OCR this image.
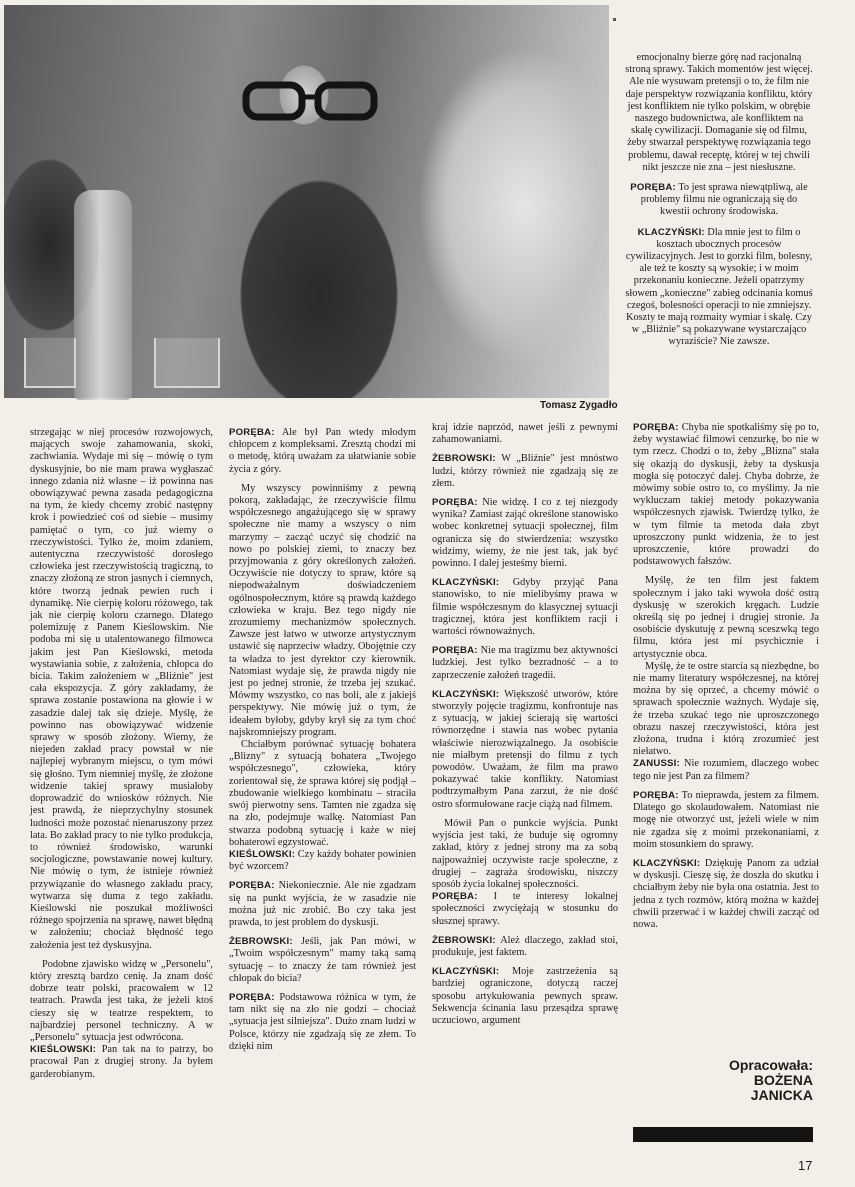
Tomasz Zygadło

emocjonalny bierze górę nad racjonalną stroną sprawy. Takich momentów jest więcej. Ale nie wysuwam pretensji o to, że film nie daje perspektyw rozwiązania konfliktu, który jest konfliktem nie tylko polskim, w obrębie naszego budownictwa, ale konfliktem na skalę cywilizacji. Domaganie się od filmu, żeby stwarzał perspektywę rozwiązania tego problemu, dawał receptę, której w tej chwili nikt jeszcze nie zna – jest niesłuszne.

PORĘBA: To jest sprawa niewątpliwą, ale problemy filmu nie ograniczają się do kwestii ochrony środowiska.

KLACZYŃSKI: Dla mnie jest to film o kosztach ubocznych procesów cywilizacyjnych. Jest to gorzki film, bolesny, ale też te koszty są wysokie; i w moim przekonaniu konieczne. Jeżeli opatrzymy słowem „konieczne" zabieg odcinania komuś czegoś, bolesności operacji to nie zmniejszy. Koszty te mają rozmaity wymiar i skalę. Czy w „Bliźnie" są pokazywane wystarczająco wyraziście? Nie zawsze.

strzegając w niej procesów rozwojowych, mających swoje zahamowania, skoki, zachwiania. Wydaje mi się – mówię o tym dyskusyjnie, bo nie mam prawa wygłaszać innego zdania niż własne – iż powinna nas obowiązywać pewna zasada pedagogiczna na tym, że kiedy chcemy zrobić następny krok i powiedzieć coś od siebie – musimy pamiętać o tym, co już wiemy o rzeczywistości. Tylko że, moim zdaniem, autentyczna rzeczywistość dorosłego człowieka jest rzeczywistością tragiczną, to znaczy złożoną ze stron jasnych i ciemnych, które tworzą jednak pewien ruch i dynamikę. Nie cierpię koloru różowego, tak jak nie cierpię koloru czarnego. Dlatego polemizuję z Panem Kieślowskim. Nie podoba mi się u utalentowanego filmowca jakim jest Pan Kieślowski, metoda wystawiania sobie, z założenia, chłopca do bicia. Takim założeniem w „Bliźnie" jest cała ekspozycja. Z góry zakładamy, że sprawa zostanie postawiona na głowie i w zasadzie dalej tak się dzieje. Myślę, że powinno nas obowiązywać widzenie sprawy w sposób złożony. Wiemy, że niejeden zakład pracy powstał w nie najlepiej wybranym miejscu, o tym mówi się głośno. Tym niemniej myślę, że złożone widzenie takiej sprawy musiałoby doprowadzić do wniosków różnych. Nie jest prawdą, że nieprzychylny stosunek ludności może pozostać nienaruszony przez lata. Bo zakład pracy to nie tylko produkcja, to również środowisko, warunki socjologiczne, powstawanie nowej kultury. Nie mówię o tym, że istnieje również przywiązanie do własnego zakładu pracy, wytwarza się duma z tego zakładu. Kieślowski nie poszukał możliwości różnego spojrzenia na sprawę, nawet błędną w założeniu; chociaż błędność tego założenia jest też dyskusyjna.

Podobne zjawisko widzę w „Personelu", który zresztą bardzo cenię. Ja znam dość dobrze teatr polski, pracowałem w 12 teatrach. Prawda jest taka, że jeżeli ktoś cieszy się w teatrze respektem, to najbardziej personel techniczny. A w „Personelu" sytuacja jest odwrócona.

KIEŚLOWSKI: Pan tak na to patrzy, bo pracował Pan z drugiej strony. Ja byłem garderobianym.

PORĘBA: Ale był Pan wtedy młodym chłopcem z kompleksami. Zresztą chodzi mi o metodę, którą uważam za ułatwianie sobie życia z góry.

My wszyscy powinniśmy z pewną pokorą, zakładając, że rzeczywiście filmu współczesnego angażującego się w sprawy społeczne nie mamy a wszyscy o nim marzymy – zacząć uczyć się chodzić na nowo po polskiej ziemi, to znaczy bez przyjmowania z góry określonych założeń. Oczywiście nie dotyczy to spraw, które są niepodważalnym doświadczeniem ogólnospołecznym, które są prawdą każdego człowieka w kraju. Bez tego nigdy nie zrozumiemy mechanizmów społecznych. Zawsze jest łatwo w utworze artystycznym ustawić się naprzeciw władzy. Obojętnie czy ta władza to jest dyrektor czy kierownik. Natomiast wydaje się, że prawda nigdy nie jest po jednej stronie, że trzeba jej szukać. Mówmy wszystko, co nas boli, ale z jakiejś perspektywy. Nie mówię już o tym, że ideałem byłoby, gdyby krył się za tym choć najskromniejszy program.

Chciałbym porównać sytuację bohatera „Blizny" z sytuacją bohatera „Twojego współczesnego", człowieka, który zorientował się, że sprawa której się podjął – zbudowanie wielkiego kombinatu – straciła swój pierwotny sens. Tamten nie zgadza się na zło, podejmuje walkę. Natomiast Pan stwarza podobną sytuację i każe w niej bohaterowi egzystować.

KIEŚLOWSKI: Czy każdy bohater powinien być wzorcem?

PORĘBA: Niekoniecznie. Ale nie zgadzam się na punkt wyjścia, że w zasadzie nie można już nic zrobić. Bo czy taka jest prawda, to jest problem do dyskusji.

ŻEBROWSKI: Jeśli, jak Pan mówi, w „Twoim współczesnym" mamy taką samą sytuację – to znaczy że tam również jest chłopak do bicia?

PORĘBA: Podstawowa różnica w tym, że tam nikt się na zło nie godzi – chociaż „sytuacja jest silniejsza". Dużo znam ludzi w Polsce, którzy nie zgadzają się ze złem. To dzięki nim

kraj idzie naprzód, nawet jeśli z pewnymi zahamowaniami.

ŻEBROWSKI: W „Bliźnie" jest mnóstwo ludzi, którzy również nie zgadzają się ze złem.

PORĘBA: Nie widzę. I co z tej niezgody wynika? Zamiast zająć określone stanowisko wobec konkretnej sytuacji społecznej, film ogranicza się do stwierdzenia: wszystko widzimy, wiemy, że nie jest tak, jak być powinno. I dalej jesteśmy bierni.

KLACZYŃSKI: Gdyby przyjąć Pana stanowisko, to nie mielibyśmy prawa w filmie współczesnym do klasycznej sytuacji tragicznej, która jest konfliktem racji i wartości równoważnych.

PORĘBA: Nie ma tragizmu bez aktywności ludzkiej. Jest tylko bezradność – a to zaprzeczenie założeń tragedii.

KLACZYŃSKI: Większość utworów, które stworzyły pojęcie tragizmu, konfrontuje nas z sytuacją, w jakiej ścierają się wartości równorzędne i stawia nas wobec pytania właściwie nierozwiązalnego. Ja osobiście nie miałbym pretensji do filmu z tych powodów. Uważam, że film ma prawo pokazywać takie konflikty. Natomiast podtrzymałbym Pana zarzut, że nie dość ostro sformułowane racje ciążą nad filmem.

Mówił Pan o punkcie wyjścia. Punkt wyjścia jest taki, że buduje się ogromny zakład, który z jednej strony ma za sobą najpoważniej oczywiste racje społeczne, z drugiej – zagraża środowisku, niszczy sposób życia lokalnej społeczności.

PORĘBA: I te interesy lokalnej społeczności zwyciężają w stosunku do słusznej sprawy.

ŻEBROWSKI: Ależ dlaczego, zakład stoi, produkuje, jest faktem.

KLACZYŃSKI: Moje zastrzeżenia są bardziej ograniczone, dotyczą raczej sposobu artykułowania pewnych spraw. Sekwencja ścinania lasu przesądza sprawę uczuciowo, argument

PORĘBA: Chyba nie spotkaliśmy się po to, żeby wystawiać filmowi cenzurkę, bo nie w tym rzecz. Chodzi o to, żeby „Blizna" stała się okazją do dyskusji, żeby ta dyskusja mogła się potoczyć dalej. Chyba dobrze, że mówimy sobie ostro to, co myślimy. Ja nie wykluczam takiej metody pokazywania współczesnych zjawisk. Twierdzę tylko, że w tym filmie ta metoda dała zbyt uproszczony punkt widzenia, że to jest uproszczenie, które prowadzi do podstawowych fałszów.

Myślę, że ten film jest faktem społecznym i jako taki wywoła dość ostrą dyskusję w szerokich kręgach. Ludzie określą się po jednej i drugiej stronie. Ja osobiście dyskutuję z pewną sceszwką tego filmu, która jest mi psychicznie i artystycznie obca.

Myślę, że te ostre starcia są niezbędne, bo nie mamy literatury współczesnej, na której można by się oprzeć, a chcemy mówić o sprawach społecznie ważnych. Wydaje się, że trzeba szukać tego nie uproszczonego obrazu naszej rzeczywistości, która jest złożona, trudna i którą zrozumieć jest niełatwo.

ZANUSSI: Nie rozumiem, dlaczego wobec tego nie jest Pan za filmem?

PORĘBA: To nieprawda, jestem za filmem. Dlatego go skolaudowałem. Natomiast nie mogę nie otworzyć ust, jeżeli wiele w nim nie zgadza się z moimi przekonaniami, z moim stosunkiem do sprawy.

KLACZYŃSKI: Dziękuję Panom za udział w dyskusji. Cieszę się, że doszła do skutku i chciałbym żeby nie była ona ostatnia. Jest to jedna z tych rozmów, którą można w każdej chwili przerwać i w każdej chwili zacząć od nowa.

Opracowała:
BOŻENA
JANICKA
17
